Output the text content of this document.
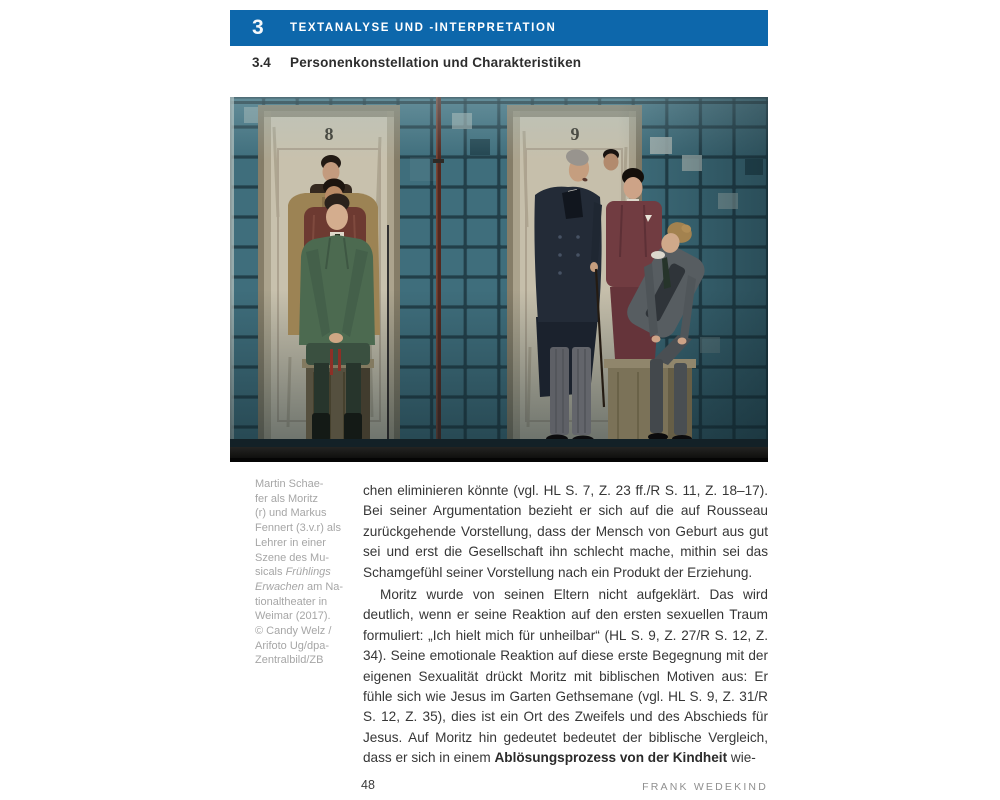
3 TEXTANALYSE UND -INTERPRETATION
3.4 Personenkonstellation und Charakteristiken
Martin Schae-
fer als Moritz
(r) und Markus
Fennert (3.v.r) als
Lehrer in einer
Szene des Mu-
sicals Frühlings
Erwachen am Na-
tionaltheater in
Weimar (2017).
© Candy Welz /
Arifoto Ug/dpa-
Zentralbild/ZB

chen eliminieren könnte (vgl. HL S. 7, Z. 23 ff./R S. 11, Z. 18–17). Bei seiner Argumentation bezieht er sich auf die auf Rousseau zurückgehende Vorstellung, dass der Mensch von Geburt aus gut sei und erst die Gesellschaft ihn schlecht mache, mithin sei das Schamgefühl seiner Vorstellung nach ein Produkt der Erziehung.

Moritz wurde von seinen Eltern nicht aufgeklärt. Das wird deutlich, wenn er seine Reaktion auf den ersten sexuellen Traum formuliert: „Ich hielt mich für unheilbar“ (HL S. 9, Z. 27/R S. 12, Z. 34). Seine emotionale Reaktion auf diese erste Begegnung mit der eigenen Sexualität drückt Moritz mit biblischen Motiven aus: Er fühle sich wie Jesus im Garten Gethsemane (vgl. HL S. 9, Z. 31/R S. 12, Z. 35), dies ist ein Ort des Zweifels und des Abschieds für Jesus. Auf Moritz hin gedeutet bedeutet der biblische Vergleich, dass er sich in einem Ablösungsprozess von der Kindheit wie-

48	FRANK WEDEKIND
